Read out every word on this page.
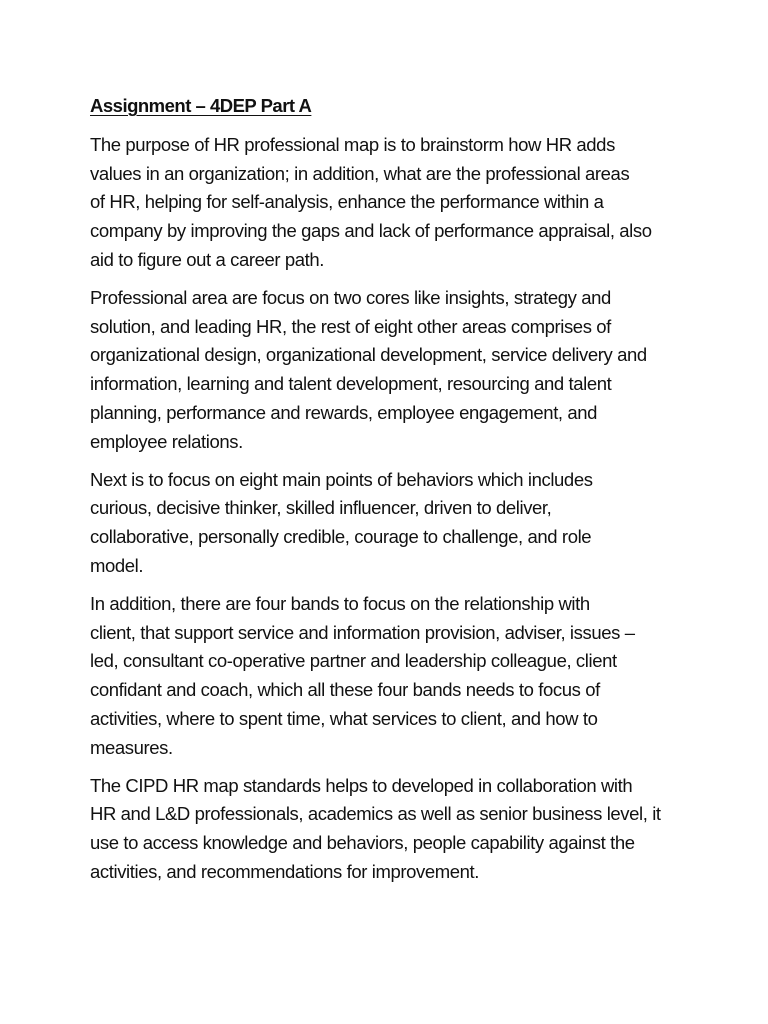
Assignment – 4DEP Part A
The purpose of HR professional map is to brainstorm how HR adds
values in an organization; in addition, what are the professional areas
of HR, helping for self-analysis, enhance the performance within a
company by improving the gaps and lack of performance appraisal, also
aid to figure out a career path.
Professional area are focus on two cores like insights, strategy and
solution, and leading HR, the rest of eight other areas comprises of
organizational design, organizational development, service delivery and
information, learning and talent development, resourcing and talent
planning, performance and rewards, employee engagement, and
employee relations.
Next is to focus on eight main points of behaviors which includes
curious, decisive thinker, skilled influencer, driven to deliver,
collaborative, personally credible, courage to challenge, and role
model.
In addition, there are four bands to focus on the relationship with
client, that support service and information provision, adviser, issues –
led, consultant co-operative partner and leadership colleague, client
confidant and coach, which all these four bands needs to focus of
activities, where to spent time, what services to client, and how to
measures.
The CIPD HR map standards helps to developed in collaboration with
HR and L&D professionals, academics as well as senior business level, it
use to access knowledge and behaviors, people capability against the
activities, and recommendations for improvement.
